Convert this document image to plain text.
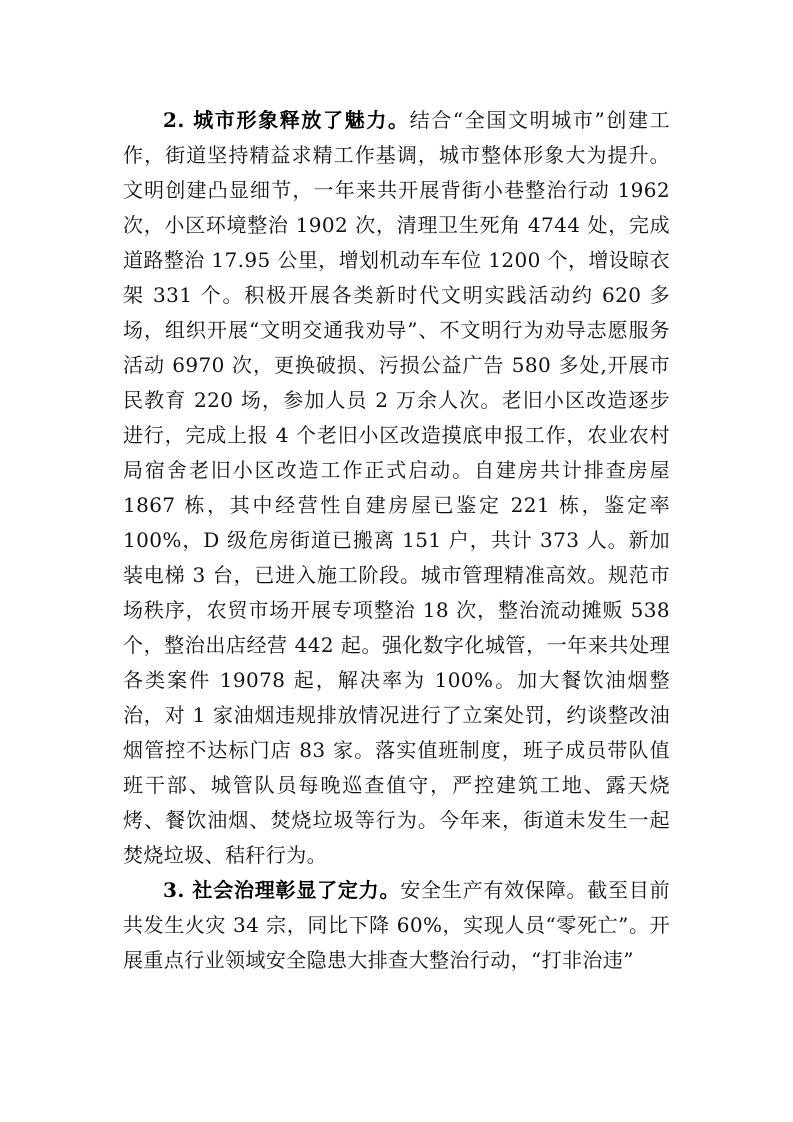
2. 城市形象释放了魅力。结合“全国文明城市”创建工作，街道坚持精益求精工作基调，城市整体形象大为提升。文明创建凸显细节，一年来共开展背街小巷整治行动 1962 次，小区环境整治 1902 次，清理卫生死角 4744 处，完成道路整治 17.95 公里，增划机动车车位 1200 个，增设晾衣架 331 个。积极开展各类新时代文明实践活动约 620 多场，组织开展“文明交通我劝导”、不文明行为劝导志愿服务活动 6970 次，更换破损、污损公益广告 580 多处,开展市民教育 220 场，参加人员 2 万余人次。老旧小区改造逐步进行，完成上报 4 个老旧小区改造摸底申报工作，农业农村局宿舍老旧小区改造工作正式启动。自建房共计排查房屋 1867 栋，其中经营性自建房屋已鉴定 221 栋，鉴定率 100%，D 级危房街道已搬离 151 户，共计 373 人。新加装电梯 3 台，已进入施工阶段。城市管理精准高效。规范市场秩序，农贸市场开展专项整治 18 次，整治流动摊贩 538 个，整治出店经营 442 起。强化数字化城管，一年来共处理各类案件 19078 起，解决率为 100%。加大餐饮油烟整治，对 1 家油烟违规排放情况进行了立案处罚，约谈整改油烟管控不达标门店 83 家。落实值班制度，班子成员带队值班干部、城管队员每晚巡查值守，严控建筑工地、露天烧烤、餐饮油烟、焚烧垃圾等行为。今年来，街道未发生一起焚烧垃圾、秸秆行为。

3. 社会治理彰显了定力。安全生产有效保障。截至目前共发生火灾 34 宗，同比下降 60%，实现人员“零死亡”。开展重点行业领域安全隐患大排查大整治行动，“打非治违”
